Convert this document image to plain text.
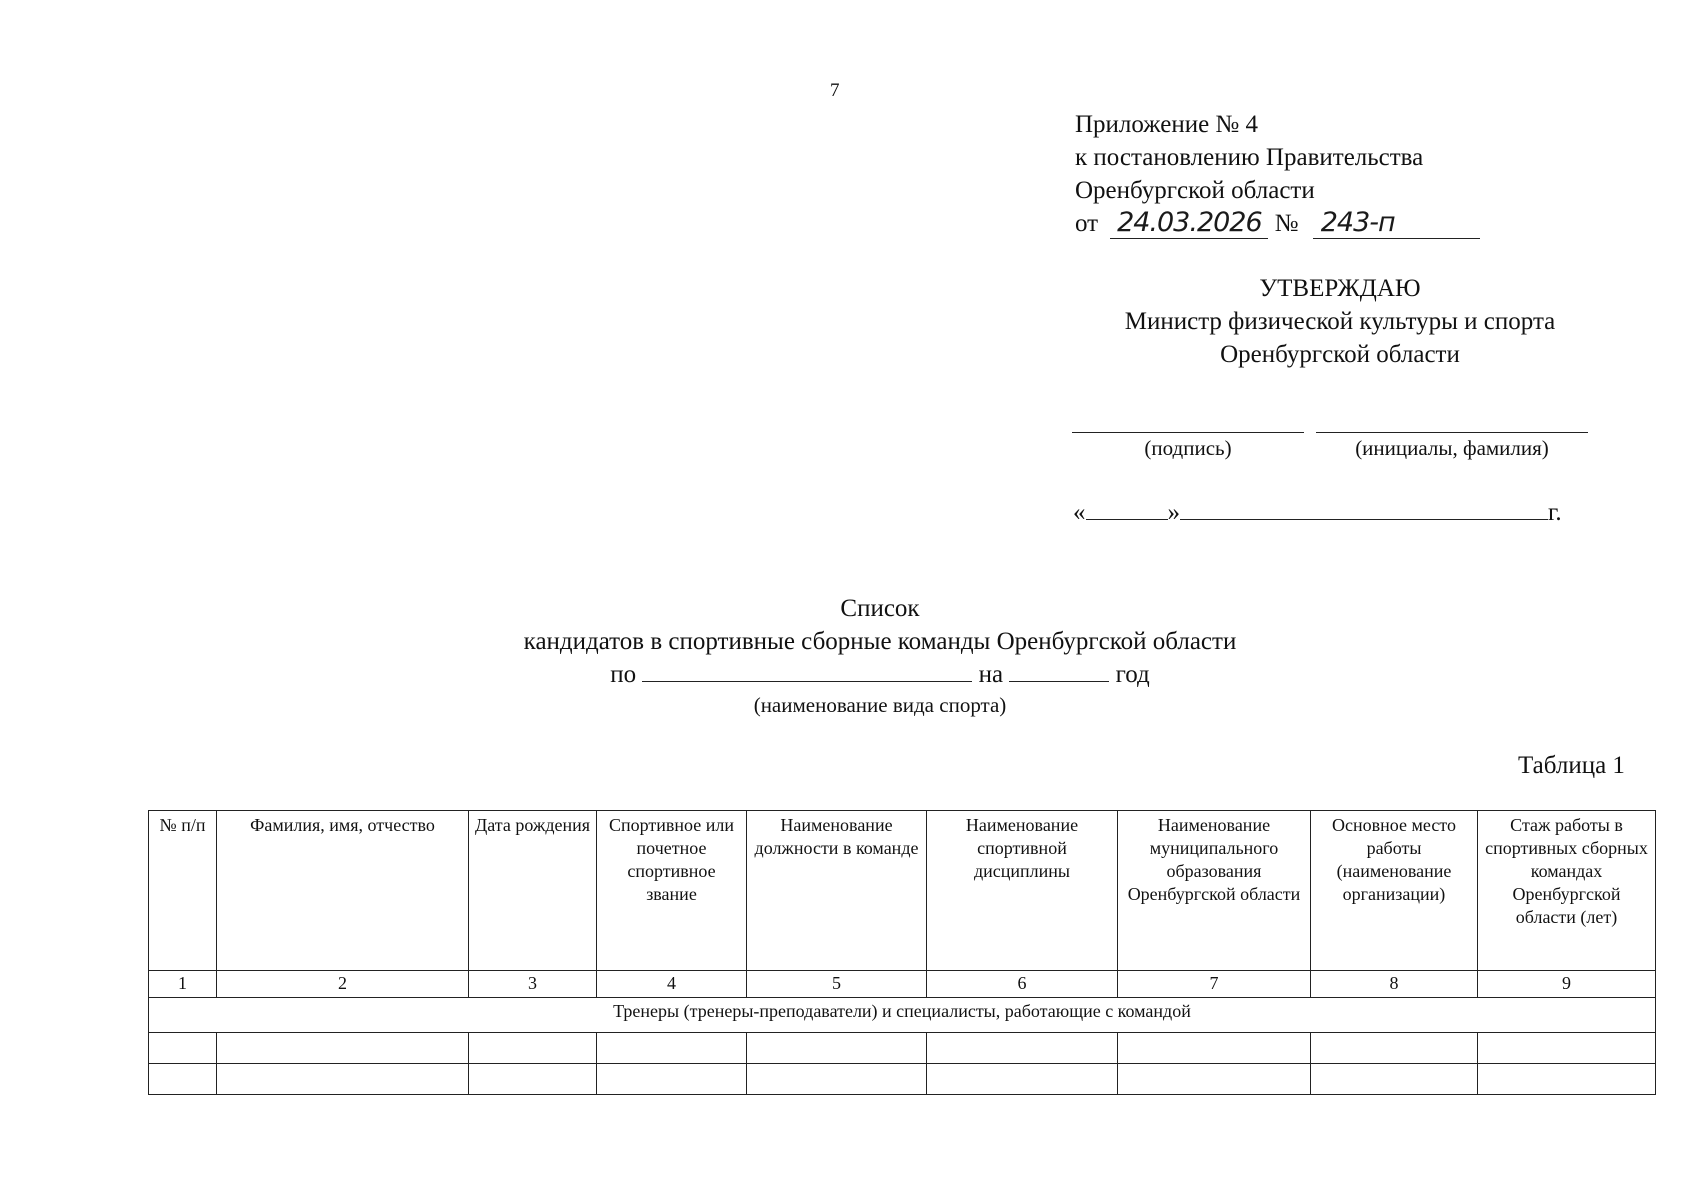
7
Приложение № 4
к постановлению Правительства
Оренбургской области
от 24.03.2026 № 243-п
УТВЕРЖДАЮ
Министр физической культуры и спорта
Оренбургской области
(подпись)	(инициалы, фамилия)
«	»	г.
Список
кандидатов в спортивные сборные команды Оренбургской области
по	на	год
(наименование вида спорта)
Таблица 1
№ п/п	Фамилия, имя, отчество	Дата рождения	Спортивное или почетное спортивное звание	Наименование должности в команде	Наименование спортивной дисциплины	Наименование муниципального образования Оренбургской области	Основное место работы (наименование организации)	Стаж работы в спортивных сборных командах Оренбургской области (лет)
1	2	3	4	5	6	7	8	9
Тренеры (тренеры-преподаватели) и специалисты, работающие с командой								
